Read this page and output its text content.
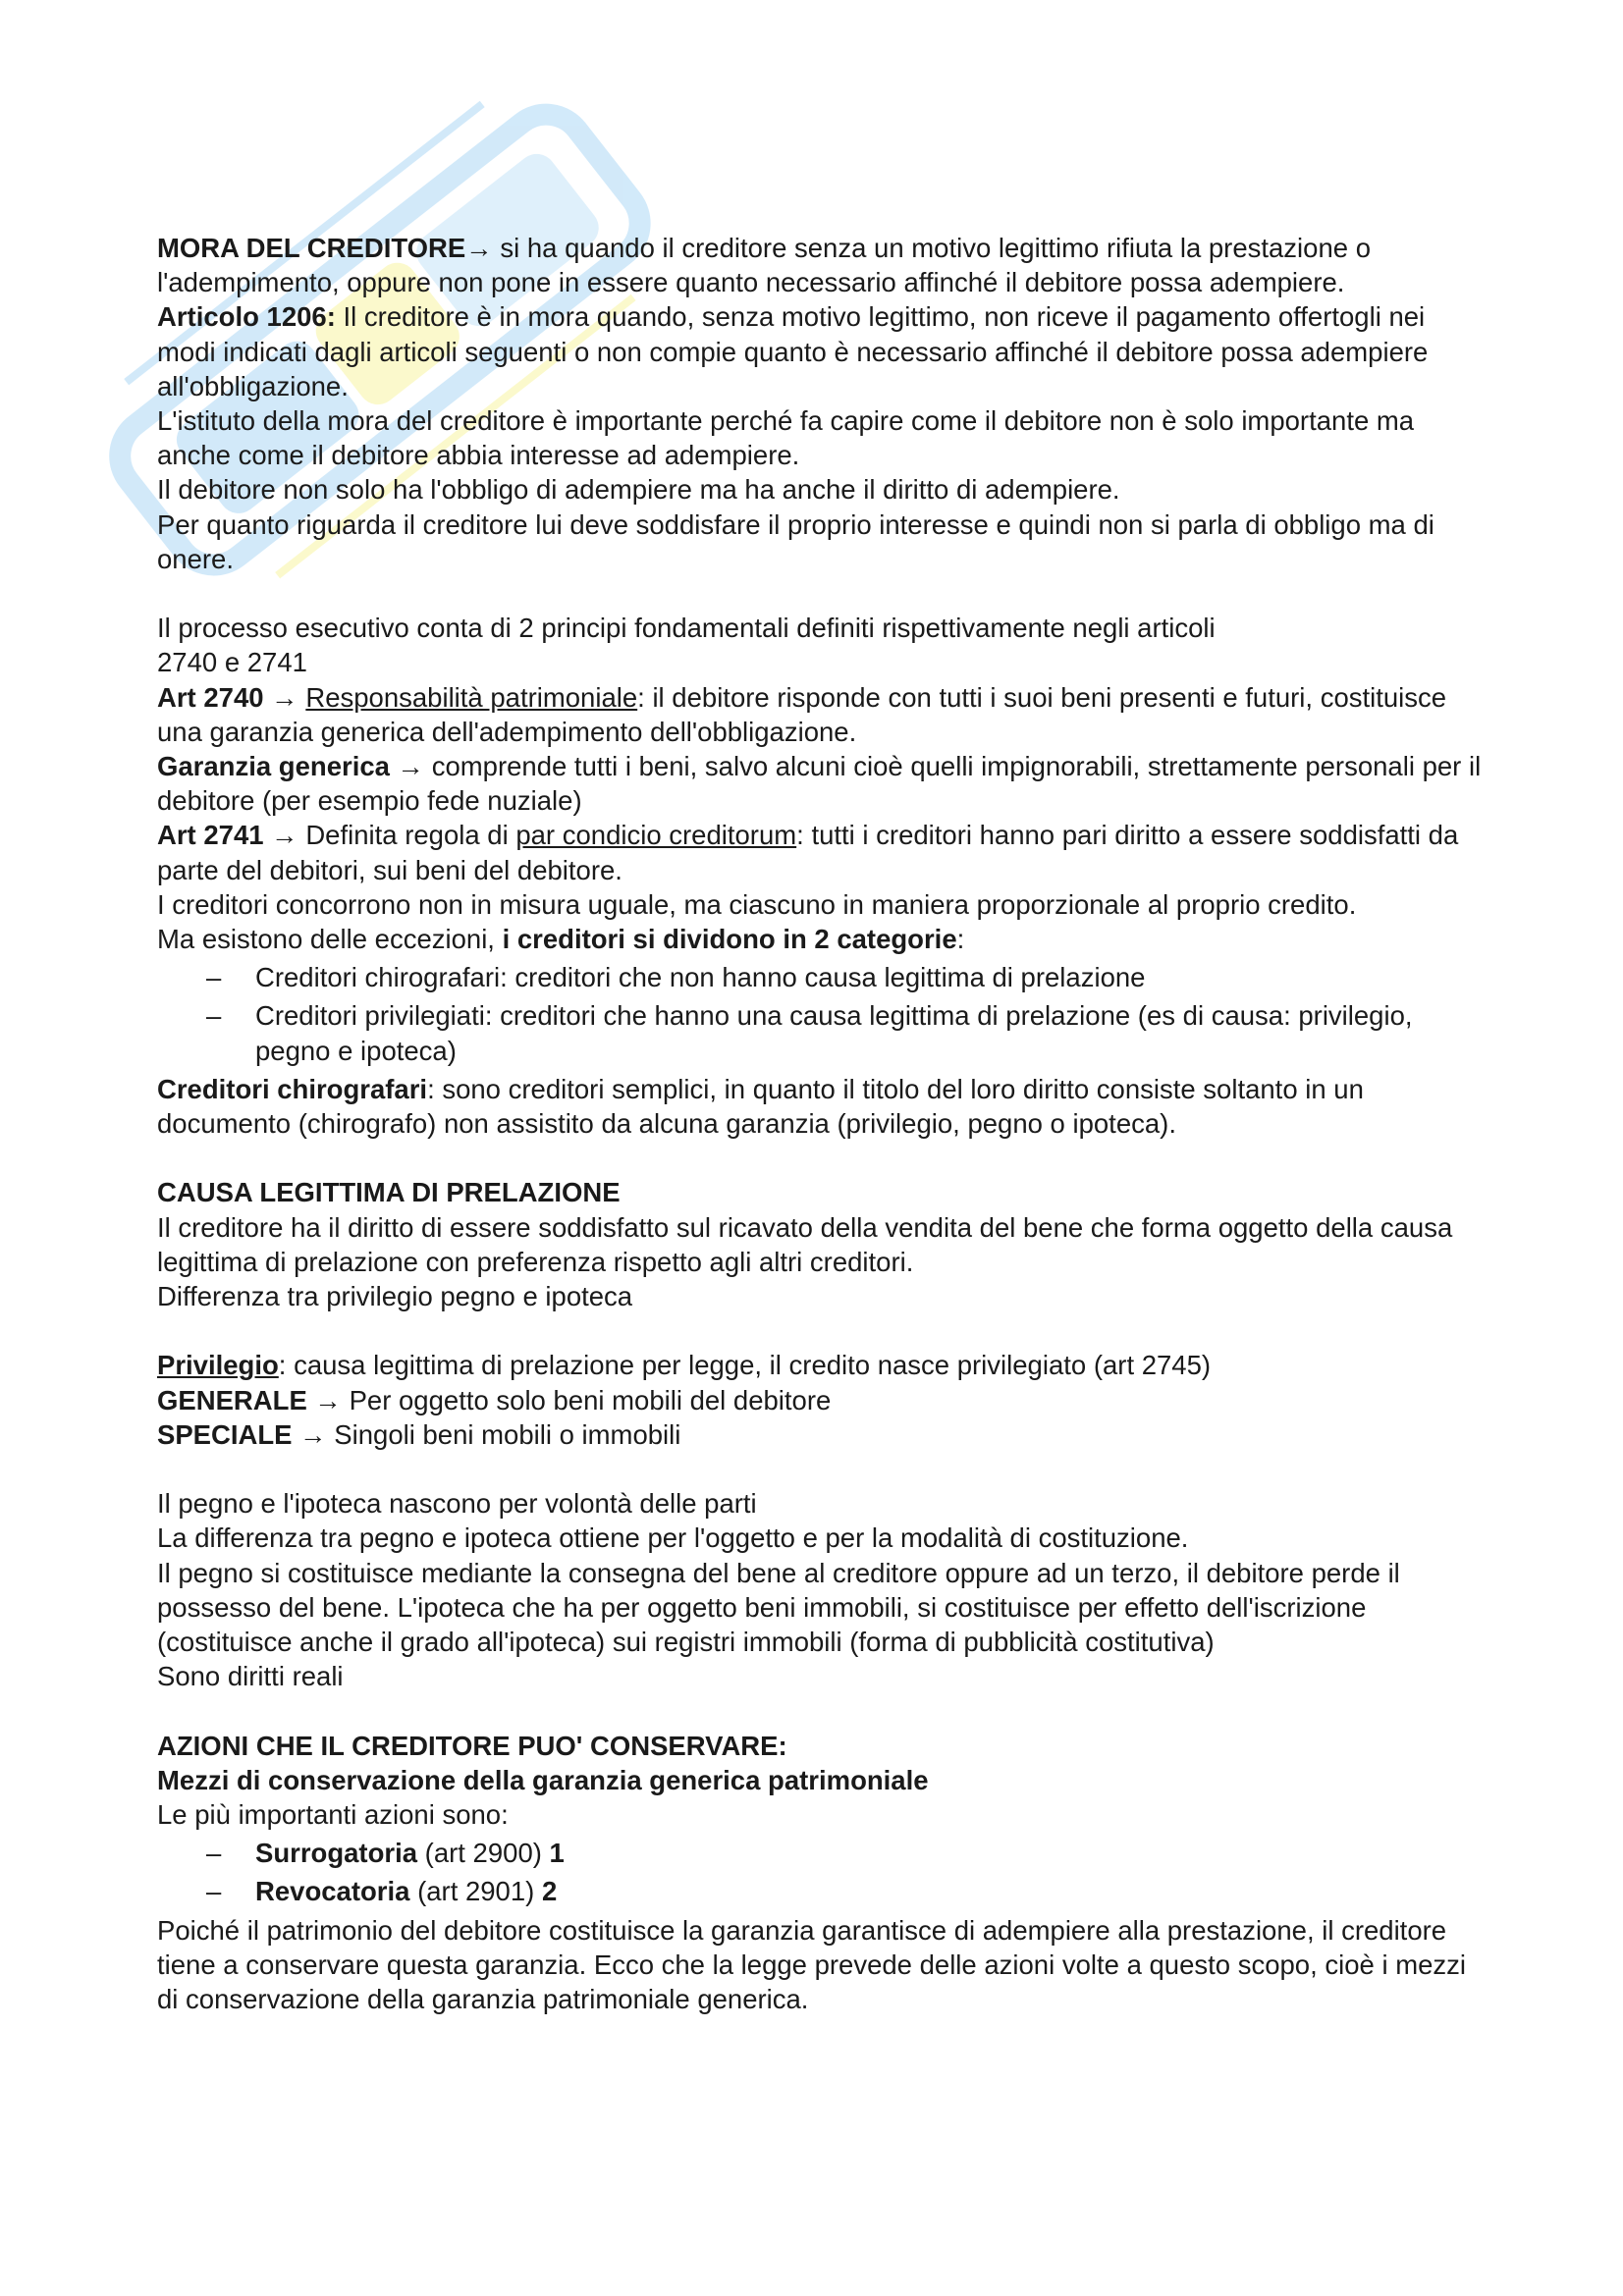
MORA DEL CREDITORE→ si ha quando il creditore senza un motivo legittimo rifiuta la prestazione o l'adempimento, oppure non pone in essere quanto necessario affinché il debitore possa adempiere.

Articolo 1206: Il creditore è in mora quando, senza motivo legittimo, non riceve il pagamento offertogli nei modi indicati dagli articoli seguenti o non compie quanto è necessario affinché il debitore possa adempiere all'obbligazione.

L'istituto della mora del creditore è importante perché fa capire come il debitore non è solo importante ma anche come il debitore abbia interesse ad adempiere.

Il debitore non solo ha l'obbligo di adempiere ma ha anche il diritto di adempiere.

Per quanto riguarda il creditore lui deve soddisfare il proprio interesse e quindi non si parla di obbligo ma di onere.

Il processo esecutivo conta di 2 principi fondamentali definiti rispettivamente negli articoli

2740 e 2741

Art 2740 → Responsabilità patrimoniale: il debitore risponde con tutti i suoi beni presenti e futuri, costituisce una garanzia generica dell'adempimento dell'obbligazione.

Garanzia generica → comprende tutti i beni, salvo alcuni cioè quelli impignorabili, strettamente personali per il debitore (per esempio fede nuziale)

Art 2741 → Definita regola di par condicio creditorum: tutti i creditori hanno pari diritto a essere soddisfatti da parte del debitori, sui beni del debitore.

I creditori concorrono non in misura uguale, ma ciascuno in maniera proporzionale al proprio credito.

Ma esistono delle eccezioni, i creditori si dividono in 2 categorie:

– Creditori chirografari: creditori che non hanno causa legittima di prelazione
– Creditori privilegiati: creditori che hanno una causa legittima di prelazione (es di causa: privilegio, pegno e ipoteca)

Creditori chirografari: sono creditori semplici, in quanto il titolo del loro diritto consiste soltanto in un documento (chirografo) non assistito da alcuna garanzia (privilegio, pegno o ipoteca).

CAUSA LEGITTIMA DI PRELAZIONE

Il creditore ha il diritto di essere soddisfatto sul ricavato della vendita del bene che forma oggetto della causa legittima di prelazione con preferenza rispetto agli altri creditori.

Differenza tra privilegio pegno e ipoteca

Privilegio: causa legittima di prelazione per legge, il credito nasce privilegiato (art 2745)

GENERALE → Per oggetto solo beni mobili del debitore

SPECIALE → Singoli beni mobili o immobili

Il pegno e l'ipoteca nascono per volontà delle parti

La differenza tra pegno e ipoteca ottiene per l'oggetto e per la modalità di costituzione.

Il pegno si costituisce mediante la consegna del bene al creditore oppure ad un terzo, il debitore perde il possesso del bene. L'ipoteca che ha per oggetto beni immobili, si costituisce per effetto dell'iscrizione (costituisce anche il grado all'ipoteca) sui registri immobili (forma di pubblicità costitutiva)

Sono diritti reali

AZIONI CHE IL CREDITORE PUO' CONSERVARE:

Mezzi di conservazione della garanzia generica patrimoniale

Le più importanti azioni sono:

– Surrogatoria (art 2900) 1
– Revocatoria (art 2901) 2

Poiché il patrimonio del debitore costituisce la garanzia garantisce di adempiere alla prestazione, il creditore tiene a conservare questa garanzia. Ecco che la legge prevede delle azioni volte a questo scopo, cioè i mezzi di conservazione della garanzia patrimoniale generica.
